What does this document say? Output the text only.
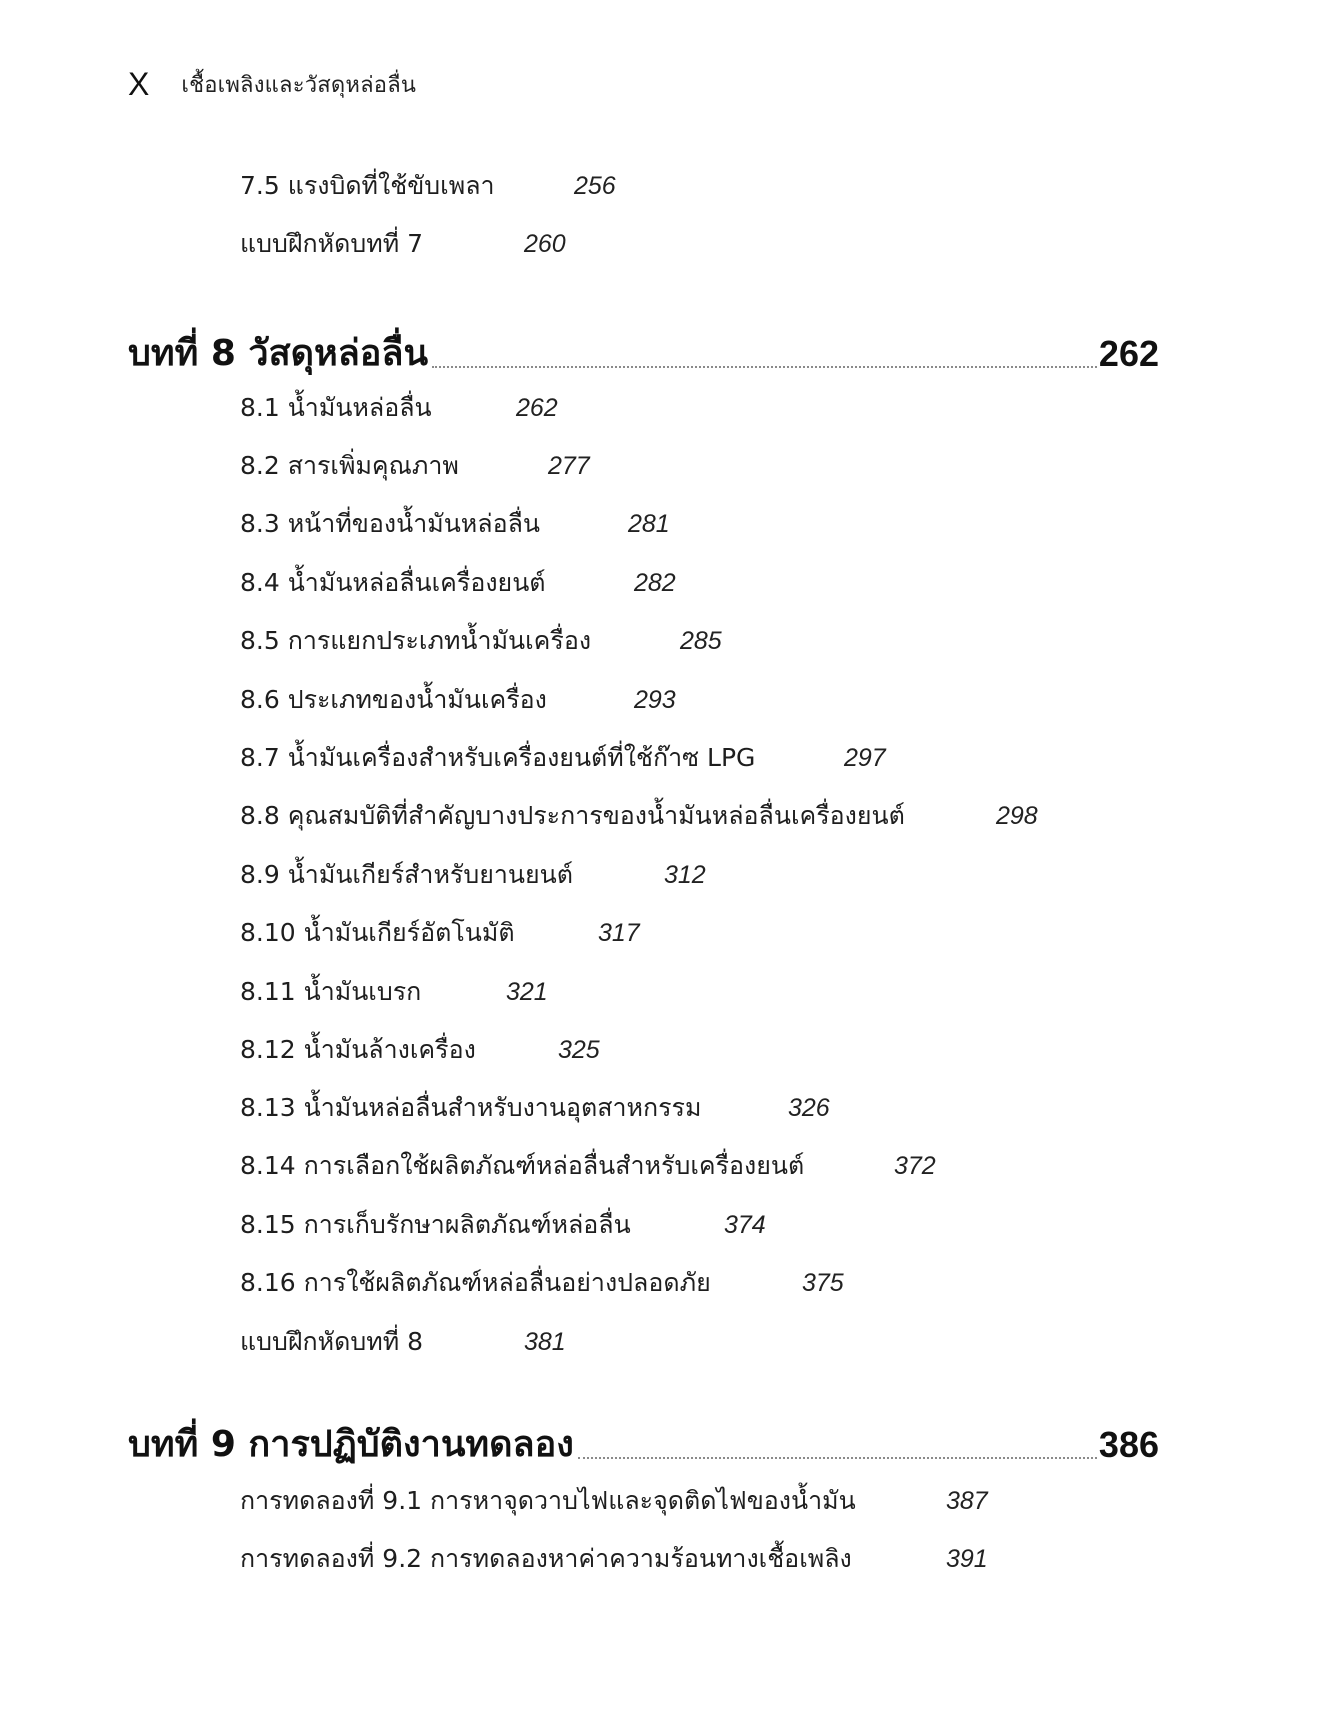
X เชื้อเพลิงและวัสดุหล่อลื่น
7.5 แรงบิดที่ใช้ขับเพลา	256
แบบฝึกหัดบทที่ 7	260
บทที่ 8 วัสดุหล่อลื่น	262
8.1 น้ำมันหล่อลื่น	262
8.2 สารเพิ่มคุณภาพ	277
8.3 หน้าที่ของน้ำมันหล่อลื่น	281
8.4 น้ำมันหล่อลื่นเครื่องยนต์	282
8.5 การแยกประเภทน้ำมันเครื่อง	285
8.6 ประเภทของน้ำมันเครื่อง	293
8.7 น้ำมันเครื่องสำหรับเครื่องยนต์ที่ใช้ก๊าซ LPG	297
8.8 คุณสมบัติที่สำคัญบางประการของน้ำมันหล่อลื่นเครื่องยนต์	298
8.9 น้ำมันเกียร์สำหรับยานยนต์	312
8.10 น้ำมันเกียร์อัตโนมัติ	317
8.11 น้ำมันเบรก	321
8.12 น้ำมันล้างเครื่อง	325
8.13 น้ำมันหล่อลื่นสำหรับงานอุตสาหกรรม	326
8.14 การเลือกใช้ผลิตภัณฑ์หล่อลื่นสำหรับเครื่องยนต์	372
8.15 การเก็บรักษาผลิตภัณฑ์หล่อลื่น	374
8.16 การใช้ผลิตภัณฑ์หล่อลื่นอย่างปลอดภัย	375
แบบฝึกหัดบทที่ 8	381
บทที่ 9 การปฏิบัติงานทดลอง	386
การทดลองที่ 9.1 การหาจุดวาบไฟและจุดติดไฟของน้ำมัน	387
การทดลองที่ 9.2 การทดลองหาค่าความร้อนทางเชื้อเพลิง	391
